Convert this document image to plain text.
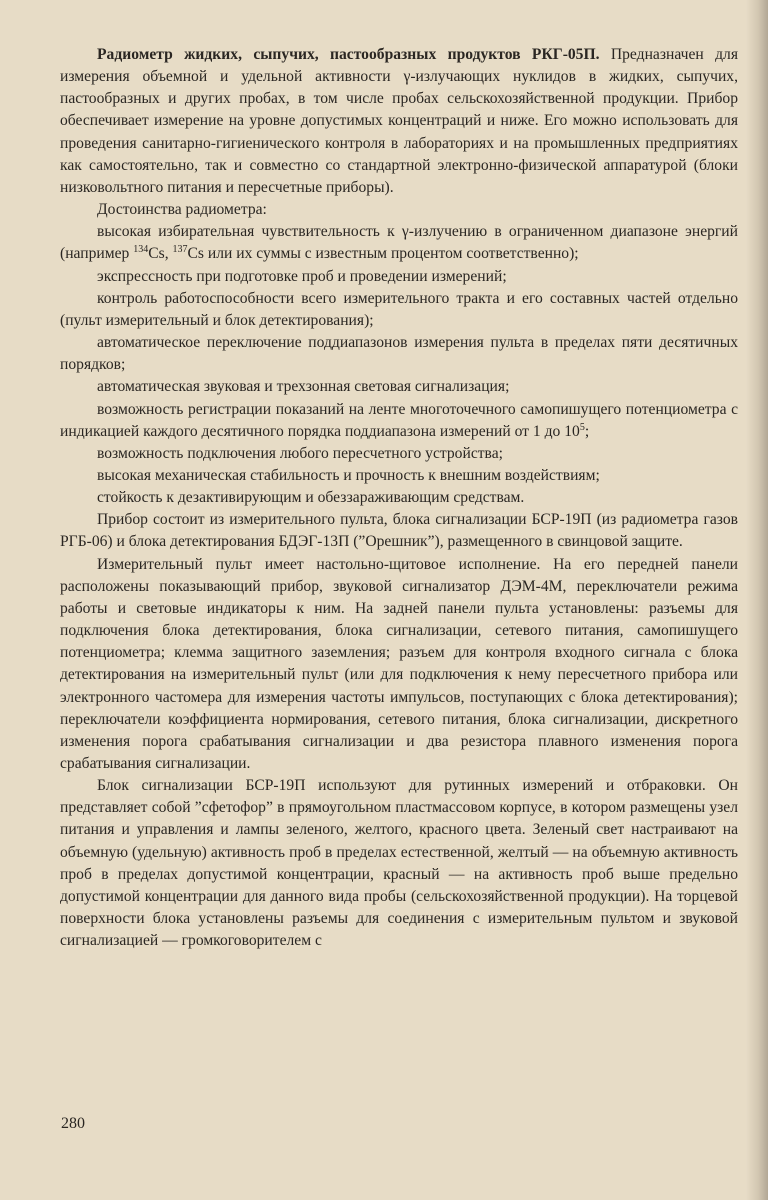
Радиометр жидких, сыпучих, пастообразных продуктов РКГ-05П. Предназначен для измерения объемной и удельной активности γ-излучающих нуклидов в жидких, сыпучих, пастообразных и других пробах, в том числе пробах сельскохозяйственной продукции. Прибор обеспечивает измерение на уровне допустимых концентраций и ниже. Его можно использовать для проведения санитарно-гигиенического контроля в лабораториях и на промышленных предприятиях как самостоятельно, так и совместно со стандартной электронно-физической аппаратурой (блоки низковольтного питания и пересчетные приборы).

Достоинства радиометра:

высокая избирательная чувствительность к γ-излучению в ограниченном диапазоне энергий (например $^{134}$Cs, $^{137}$Cs или их суммы с известным процентом соответственно);

экспрессность при подготовке проб и проведении измерений;

контроль работоспособности всего измерительного тракта и его составных частей отдельно (пульт измерительный и блок детектирования);

автоматическое переключение поддиапазонов измерения пульта в пределах пяти десятичных порядков;

автоматическая звуковая и трехзонная световая сигнализация;

возможность регистрации показаний на ленте многоточечного самопишущего потенциометра с индикацией каждого десятичного порядка поддиапазона измерений от 1 до $10^5$;

возможность подключения любого пересчетного устройства;

высокая механическая стабильность и прочность к внешним воздействиям;

стойкость к дезактивирующим и обеззараживающим средствам.

Прибор состоит из измерительного пульта, блока сигнализации БСР-19П (из радиометра газов РГБ-06) и блока детектирования БДЭГ-13П (”Орешник”), размещенного в свинцовой защите.

Измерительный пульт имеет настольно-щитовое исполнение. На его передней панели расположены показывающий прибор, звуковой сигнализатор ДЭМ-4М, переключатели режима работы и световые индикаторы к ним. На задней панели пульта установлены: разъемы для подключения блока детектирования, блока сигнализации, сетевого питания, самопишущего потенциометра; клемма защитного заземления; разъем для контроля входного сигнала с блока детектирования на измерительный пульт (или для подключения к нему пересчетного прибора или электронного частомера для измерения частоты импульсов, поступающих с блока детектирования); переключатели коэффициента нормирования, сетевого питания, блока сигнализации, дискретного изменения порога срабатывания сигнализации и два резистора плавного изменения порога срабатывания сигнализации.

Блок сигнализации БСР-19П используют для рутинных измерений и отбраковки. Он представляет собой ”сфетофор” в прямоугольном пластмассовом корпусе, в котором размещены узел питания и управления и лампы зеленого, желтого, красного цвета. Зеленый свет настраивают на объемную (удельную) активность проб в пределах естественной, желтый — на объемную активность проб в пределах допустимой концентрации, красный — на активность проб выше предельно допустимой концентрации для данного вида пробы (сельскохозяйственной продукции). На торцевой поверхности блока установлены разъемы для соединения с измерительным пультом и звуковой сигнализацией — громкоговорителем с

280
